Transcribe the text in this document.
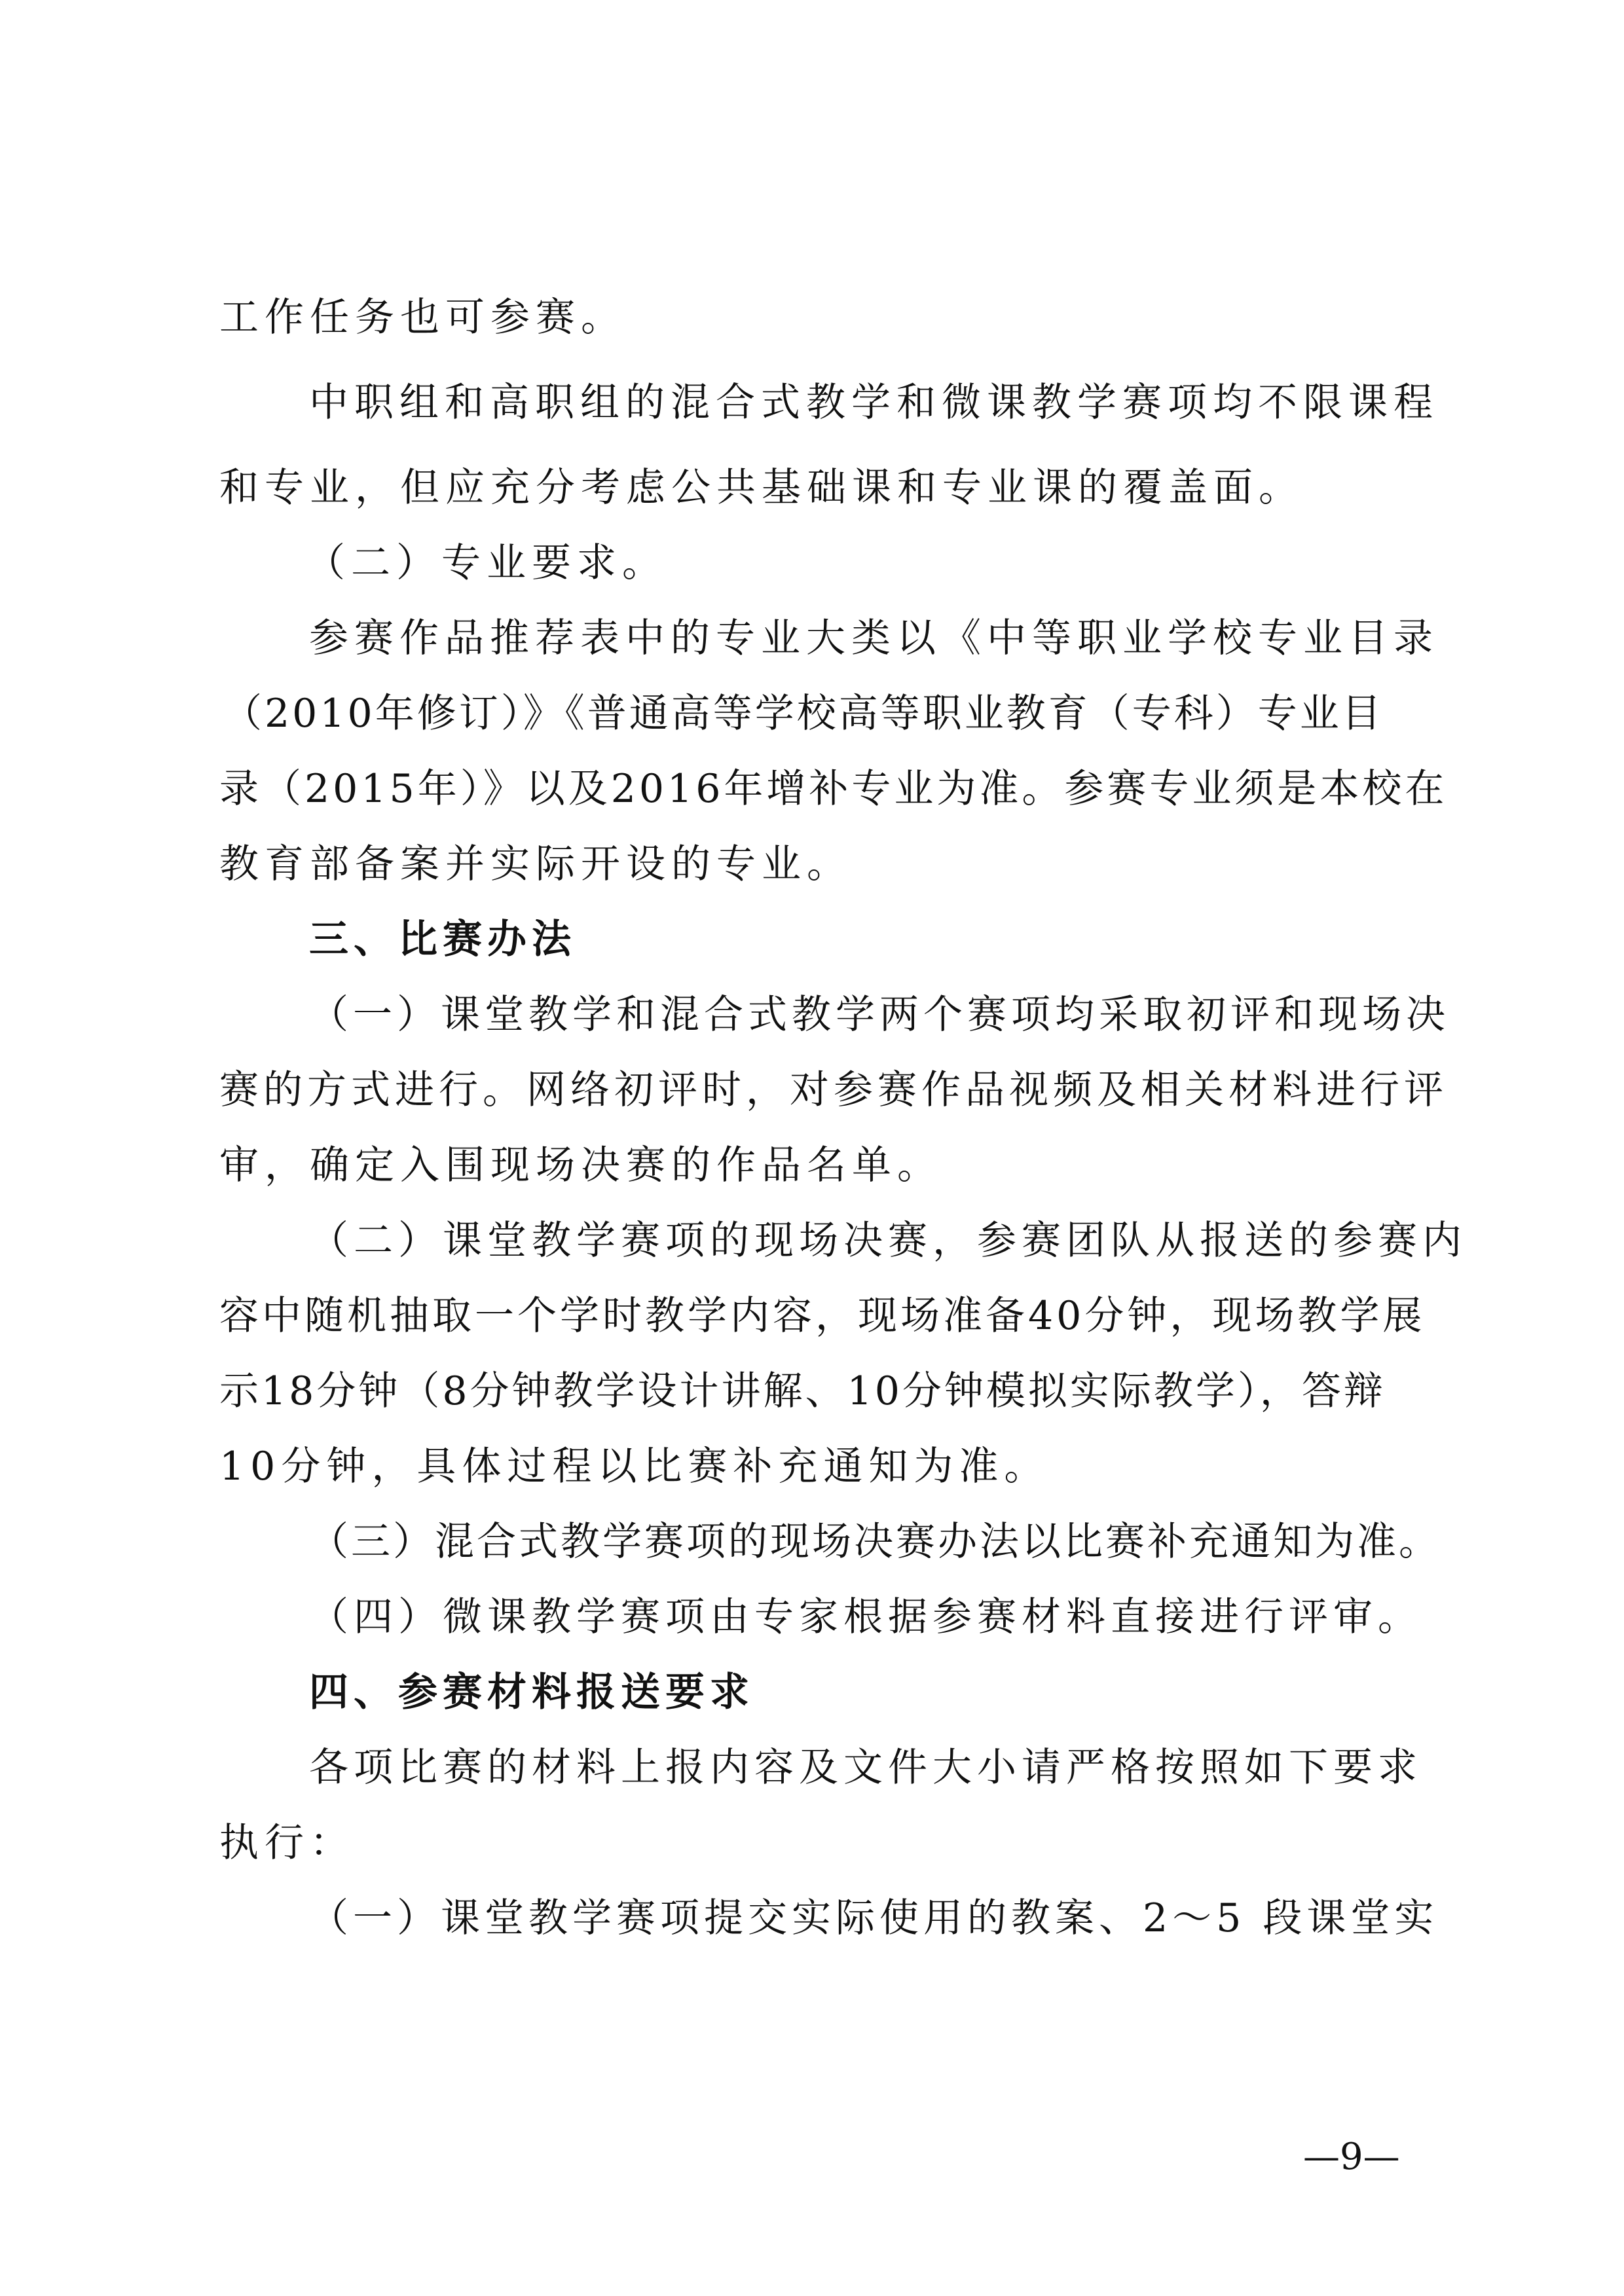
工作任务也可参赛。
中职组和高职组的混合式教学和微课教学赛项均不限课程
和专业，但应充分考虑公共基础课和专业课的覆盖面。
（二）专业要求。
参赛作品推荐表中的专业大类以《中等职业学校专业目录
（2010年修订）》《普通高等学校高等职业教育（专科）专业目
录（2015年）》以及2016年增补专业为准。参赛专业须是本校在
教育部备案并实际开设的专业。
三、比赛办法
（一）课堂教学和混合式教学两个赛项均采取初评和现场决
赛的方式进行。网络初评时，对参赛作品视频及相关材料进行评
审，确定入围现场决赛的作品名单。
（二）课堂教学赛项的现场决赛，参赛团队从报送的参赛内
容中随机抽取一个学时教学内容，现场准备40分钟，现场教学展
示18分钟（8分钟教学设计讲解、10分钟模拟实际教学），答辩
10分钟，具体过程以比赛补充通知为准。
（三）混合式教学赛项的现场决赛办法以比赛补充通知为准。
（四）微课教学赛项由专家根据参赛材料直接进行评审。
四、参赛材料报送要求
各项比赛的材料上报内容及文件大小请严格按照如下要求
执行：
（一）课堂教学赛项提交实际使用的教案、2～5 段课堂实
—9—
